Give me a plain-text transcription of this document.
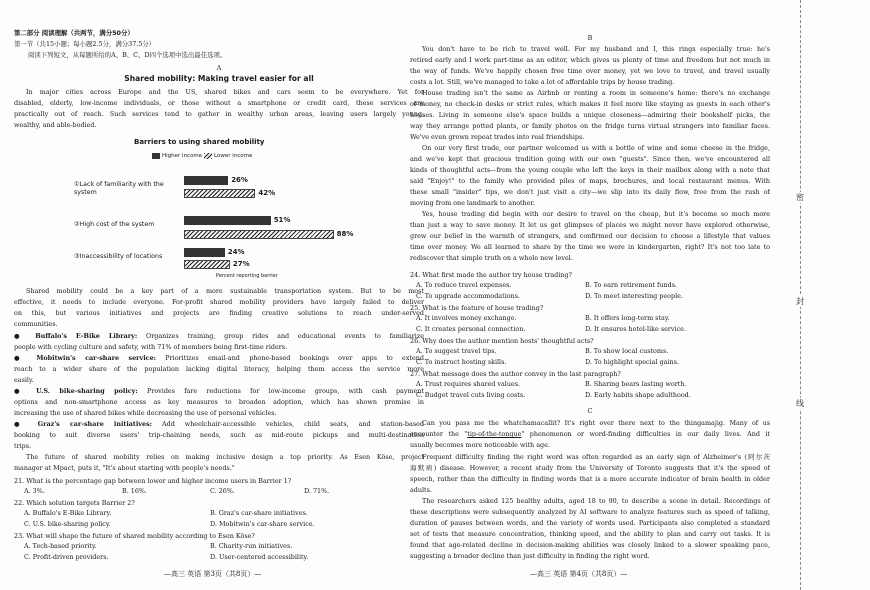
第二部分 阅读理解（共两节，满分50分）
第一节（共15小题；每小题2.5分，满分37.5分）
阅读下列短文，从每题所给的A、B、C、D四个选项中选出最佳选项。
A
Shared mobility: Making travel easier for all
In major cities across Europe and the US, shared bikes and cars seem to be everywhere. Yet for
disabled, elderly, low-income individuals, or those without a smartphone or credit card, these services are
practically out of reach. Such services tend to gather in wealthy urban areas, leaving users largely young,
wealthy, and able-bodied.
Barriers to using shared mobility
Higher income Lower income
①Lack of familiarity with the system
②High cost of the system
③Inaccessibility of locations
26%
51%
24%
42%
88%
27%
Percent reporting barrier
Shared mobility could be a key part of a more sustainable transportation system. But to be most
effective, it needs to include everyone. For-profit shared mobility providers have largely failed to deliver
on this, but various initiatives and projects are finding creative solutions to reach under-served
communities.
● Buffalo's E-Bike Library: Organizes training, group rides and educational events to familiarize
people with cycling culture and safety, with 71% of members being first-time riders.
● Mobitwin's car-share service: Prioritizes email-and phone-based bookings over apps to extend
reach to a wider share of the population lacking digital literacy, helping them access the service more
easily.
● U.S. bike-sharing policy: Provides fare reductions for low-income groups, with cash payment
options and non-smartphone access as key measures to broaden adoption, which has shown promise in
increasing the use of shared bikes while decreasing the use of personal vehicles.
● Graz's car-share initiatives: Add wheelchair-accessible vehicles, child seats, and station-based
booking to suit diverse users' trip-chaining needs, such as mid-route pickups and multi-destination
trips.
The future of shared mobility relies on making inclusive design a top priority. As Esen Köse, project
manager at Mpact, puts it, "It's about starting with people's needs."
21. What is the percentage gap between lower and higher income users in Barrier 1?
A. 3%.	B. 16%.	C. 26%.	D. 71%.
22. Which solution targets Barrier 2?
A. Buffalo's E-Bike Library.	B. Graz's car-share initiatives.
C. U.S. bike-sharing policy.	D. Mobitwin's car-share service.
23. What will shape the future of shared mobility according to Esen Köse?
A. Tech-based priority.	B. Charity-run initiatives.
C. Profit-driven providers.	D. User-centered accessibility.
—高三 英语 第3页（共8页）—
B
You don't have to be rich to travel well. For my husband and I, this rings especially true: he's
retired early and I work part-time as an editor, which gives us plenty of time and freedom but not much in
the way of funds. We've happily chosen free time over money, yet we love to travel, and travel usually
costs a lot. Still, we've managed to take a lot of affordable trips by house trading.
House trading isn't the same as Airbnb or renting a room in someone's home: there's no exchange
of money, no check-in desks or strict rules, which makes it feel more like staying as guests in each other's
houses. Living in someone else's space builds a unique closeness—admiring their bookshelf picks, the
way they arrange potted plants, or family photos on the fridge turns virtual strangers into familiar faces.
We've even grown repeat trades into real friendships.
On our very first trade, our partner welcomed us with a bottle of wine and some cheese in the fridge,
and we've kept that gracious tradition going with our own "guests". Since then, we've encountered all
kinds of thoughtful acts—from the young couple who left the keys in their mailbox along with a note that
said "Enjoy!" to the family who provided piles of maps, brochures, and local restaurant menus. With
these small "insider" tips, we don't just visit a city—we slip into its daily flow, free from the rush of
moving from one landmark to another.
Yes, house trading did begin with our desire to travel on the cheap, but it's become so much more
than just a way to save money. It let us get glimpses of places we might never have explored otherwise,
grew our belief in the warmth of strangers, and confirmed our decision to choose a lifestyle that values
time over money. We all learned to share by the time we were in kindergarten, right? It's not too late to
rediscover that simple truth on a whole new level.
24. What first made the author try house trading?
A. To reduce travel expenses.	B. To earn retirement funds.
C. To upgrade accommodations.	D. To meet interesting people.
25. What is the feature of house trading?
A. It involves money exchange.	B. It offers long-term stay.
C. It creates personal connection.	D. It ensures hotel-like service.
26. Why does the author mention hosts' thoughtful acts?
A. To suggest travel tips.	B. To show local customs.
C. To instruct hosting skills.	D. To highlight special gains.
27. What message does the author convey in the last paragraph?
A. Trust requires shared values.	B. Sharing bears lasting worth.
C. Budget travel cuts living costs.	D. Early habits shape adulthood.
C
Can you pass me the whatchamacallit? It's right over there next to the thingamajig. Many of us
encounter the "tip-of-the-tongue" phenomenon or word-finding difficulties in our daily lives. And it
usually becomes more noticeable with age.
Frequent difficulty finding the right word was often regarded as an early sign of Alzheimer's (阿尔茨
海默病) disease. However, a recent study from the University of Toronto suggests that it's the speed of
speech, rather than the difficulty in finding words that is a more accurate indicator of brain health in older
adults.
The researchers asked 125 healthy adults, aged 18 to 90, to describe a scene in detail. Recordings of
these descriptions were subsequently analyzed by AI software to analyze features such as speed of talking,
duration of pauses between words, and the variety of words used. Participants also completed a standard
set of tests that measure concentration, thinking speed, and the ability to plan and carry out tasks. It is
found that age-related decline in decision-making abilities was closely linked to a slower speaking pace,
suggesting a broader decline than just difficulty in finding the right word.
—高三 英语 第4页（共8页）—
密
封
线
